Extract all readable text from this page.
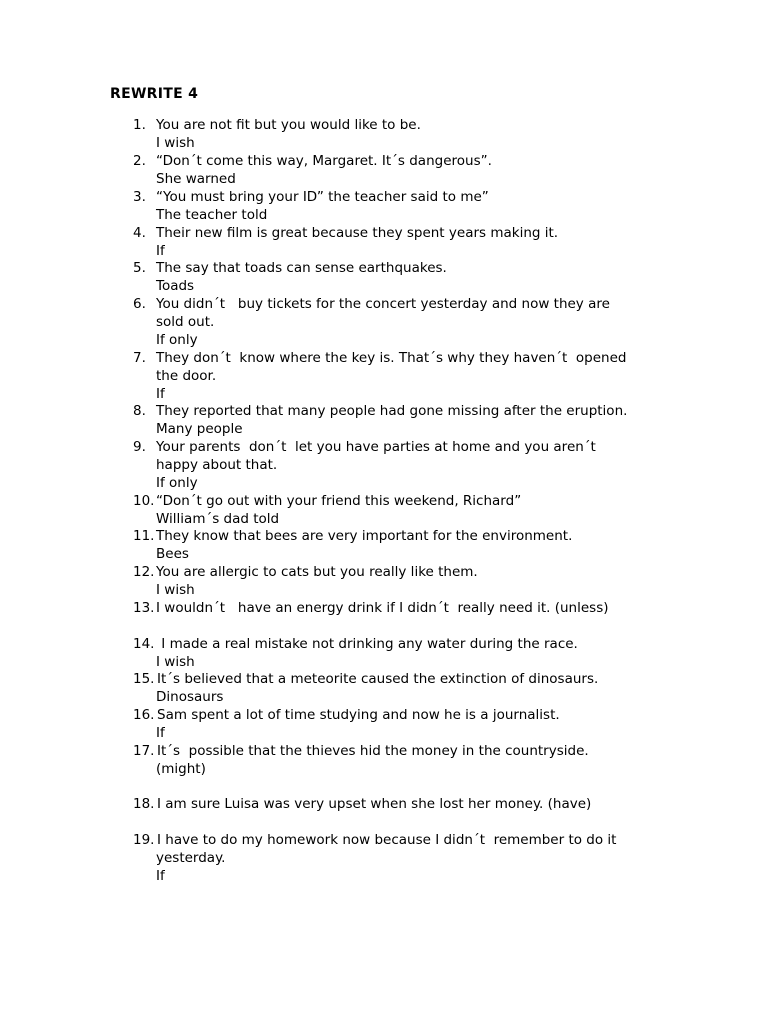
REWRITE 4
1. You are not fit but you would like to be.
I wish
2. “Don´t come this way, Margaret. It´s dangerous”.
She warned
3. “You must bring your ID” the teacher said to me”
The teacher told
4. Their new film is great because they spent years making it.
If
5. The say that toads can sense earthquakes.
Toads
6. You didn´t   buy tickets for the concert yesterday and now they are
sold out.
If only
7. They don´t  know where the key is. That´s why they haven´t  opened
the door.
If
8. They reported that many people had gone missing after the eruption.
Many people
9. Your parents  don´t  let you have parties at home and you aren´t
happy about that.
If only
10. “Don´t go out with your friend this weekend, Richard”
William´s dad told
11. They know that bees are very important for the environment.
Bees
12. You are allergic to cats but you really like them.
I wish
13. I wouldn´t   have an energy drink if I didn´t  really need it. (unless)
14. I made a real mistake not drinking any water during the race.
I wish
15. It´s believed that a meteorite caused the extinction of dinosaurs.
Dinosaurs
16. Sam spent a lot of time studying and now he is a journalist.
If
17. It´s  possible that the thieves hid the money in the countryside.
(might)
18. I am sure Luisa was very upset when she lost her money. (have)
19. I have to do my homework now because I didn´t  remember to do it
yesterday.
If
